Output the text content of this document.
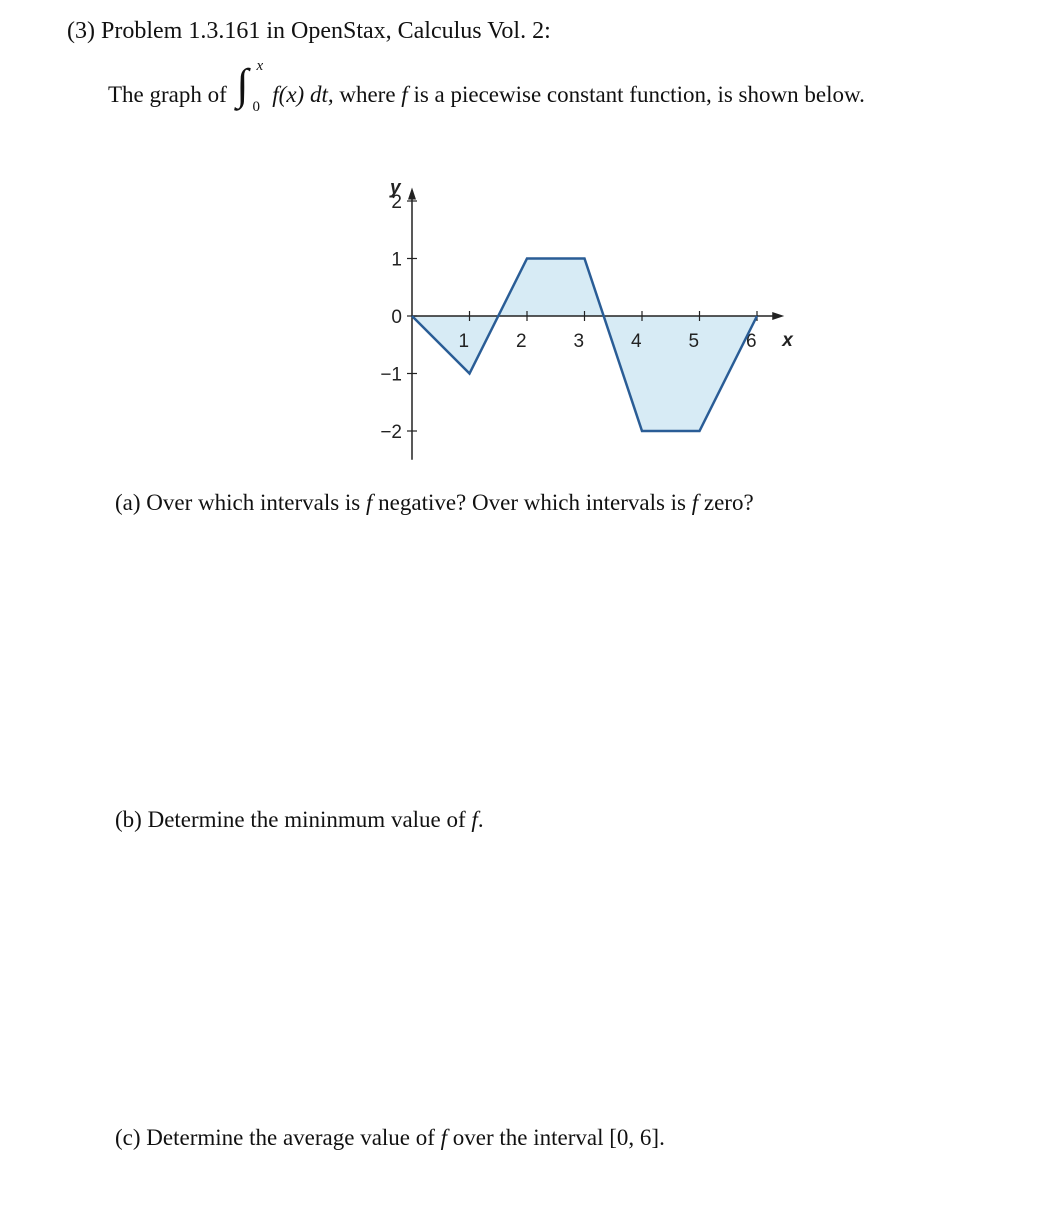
(3) Problem 1.3.161 in OpenStax, Calculus Vol. 2:
The graph of ∫ x
0 f(x) dt, where f is a piecewise constant function, is shown below.
2
1
0
−1
−2
y
1 2 3 4 5 6 x
(a) Over which intervals is f negative? Over which intervals is f zero?
(b) Determine the mininmum value of f.
(c) Determine the average value of f over the interval [0, 6].
